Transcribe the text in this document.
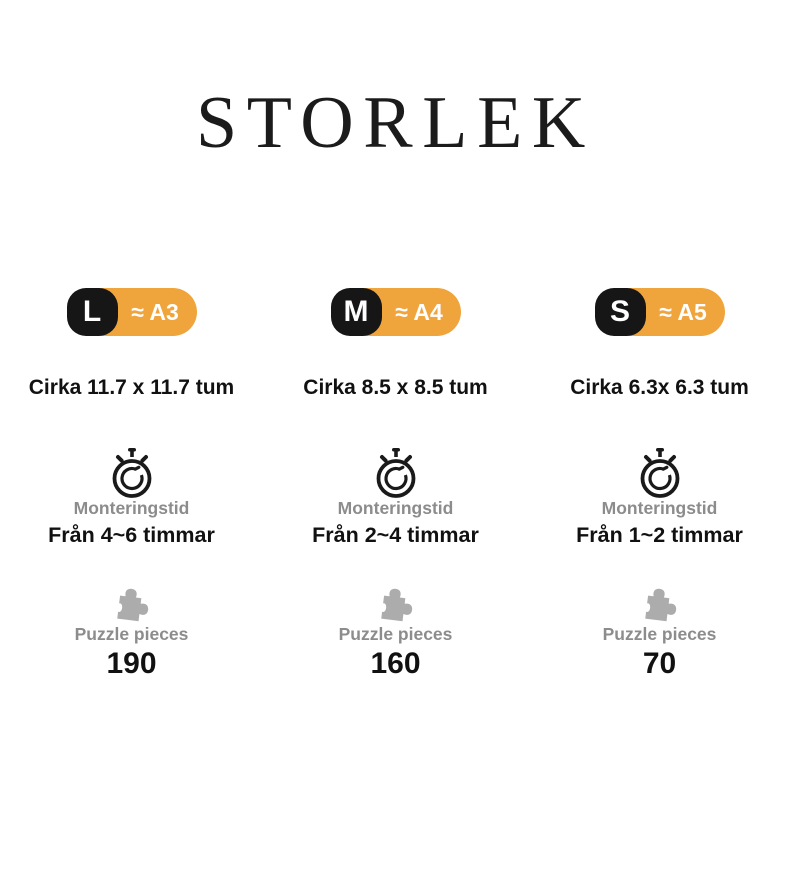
STORLEK
L	≈ A3
Cirka 11.7 x 11.7 tum
Monteringstid
Från 4~6 timmar
Puzzle pieces
190
M	≈ A4
Cirka 8.5 x 8.5 tum
Monteringstid
Från 2~4 timmar
Puzzle pieces
160
S	≈ A5
Cirka 6.3x 6.3 tum
Monteringstid
Från 1~2 timmar
Puzzle pieces
70
